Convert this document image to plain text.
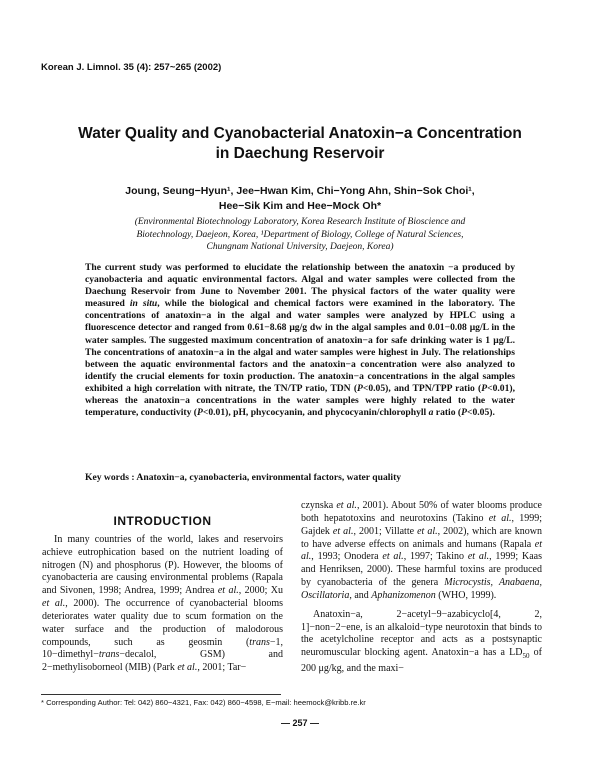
Korean J. Limnol. 35 (4): 257~265 (2002)
Water Quality and Cyanobacterial Anatoxin−a Concentration
in Daechung Reservoir

Joung, Seung−Hyun¹, Jee−Hwan Kim, Chi−Yong Ahn, Shin−Sok Choi¹,
Hee−Sik Kim and Hee−Mock Oh*

(Environmental Biotechnology Laboratory, Korea Research Institute of Bioscience and
Biotechnology, Daejeon, Korea, ¹Department of Biology, College of Natural Sciences,
Chungnam National University, Daejeon, Korea)

The current study was performed to elucidate the relationship between the anatoxin −a produced by cyanobacteria and aquatic environmental factors. Algal and water samples were collected from the Daechung Reservoir from June to November 2001. The physical factors of the water quality were measured in situ, while the biological and chemical factors were examined in the laboratory. The concentrations of anatoxin−a in the algal and water samples were analyzed by HPLC using a fluorescence detector and ranged from 0.61−8.68 μg/g dw in the algal samples and 0.01−0.08 μg/L in the water samples. The suggested maximum concentration of anatoxin−a for safe drinking water is 1 μg/L. The concentrations of anatoxin−a in the algal and water samples were highest in July. The relationships between the aquatic environmental factors and the anatoxin−a concentration were also analyzed to identify the crucial elements for toxin production. The anatoxin−a concentrations in the algal samples exhibited a high correlation with nitrate, the TN/TP ratio, TDN (P<0.05), and TPN/TPP ratio (P<0.01), whereas the anatoxin−a concentrations in the water samples were highly related to the water temperature, conductivity (P<0.01), pH, phycocyanin, and phycocyanin/chlorophyll a ratio (P<0.05).

Key words : Anatoxin−a, cyanobacteria, environmental factors, water quality

INTRODUCTION

In many countries of the world, lakes and reservoirs achieve eutrophication based on the nutrient loading of nitrogen (N) and phosphorus (P). However, the blooms of cyanobacteria are causing environmental problems (Rapala and Sivonen, 1998; Andrea, 1999; Andrea et al., 2000; Xu et al., 2000). The occurrence of cyanobacterial blooms deteriorates water quality due to scum formation on the water surface and the production of malodorous compounds, such as geosmin (trans−1, 10−dimethyl−trans−decalol, GSM) and 2−methylisoborneol (MIB) (Park et al., 2001; Tar−

czynska et al., 2001). About 50% of water blooms produce both hepatotoxins and neurotoxins (Takino et al., 1999; Gajdek et al., 2001; Villatte et al., 2002), which are known to have adverse effects on animals and humans (Rapala et al., 1993; Onodera et al., 1997; Takino et al., 1999; Kaas and Henriksen, 2000). These harmful toxins are produced by cyanobacteria of the genera Microcystis, Anabaena, Oscillatoria, and Aphanizomenon (WHO, 1999).

Anatoxin−a, 2−acetyl−9−azabicyclo[4, 2, 1]−non−2−ene, is an alkaloid−type neurotoxin that binds to the acetylcholine receptor and acts as a postsynaptic neuromuscular blocking agent. Anatoxin−a has a $LD_{50}$ of 200 μg/kg, and the maxi−

* Corresponding Author: Tel: 042) 860−4321, Fax: 042) 860−4598, E−mail: heemock@kribb.re.kr
— 257 —
